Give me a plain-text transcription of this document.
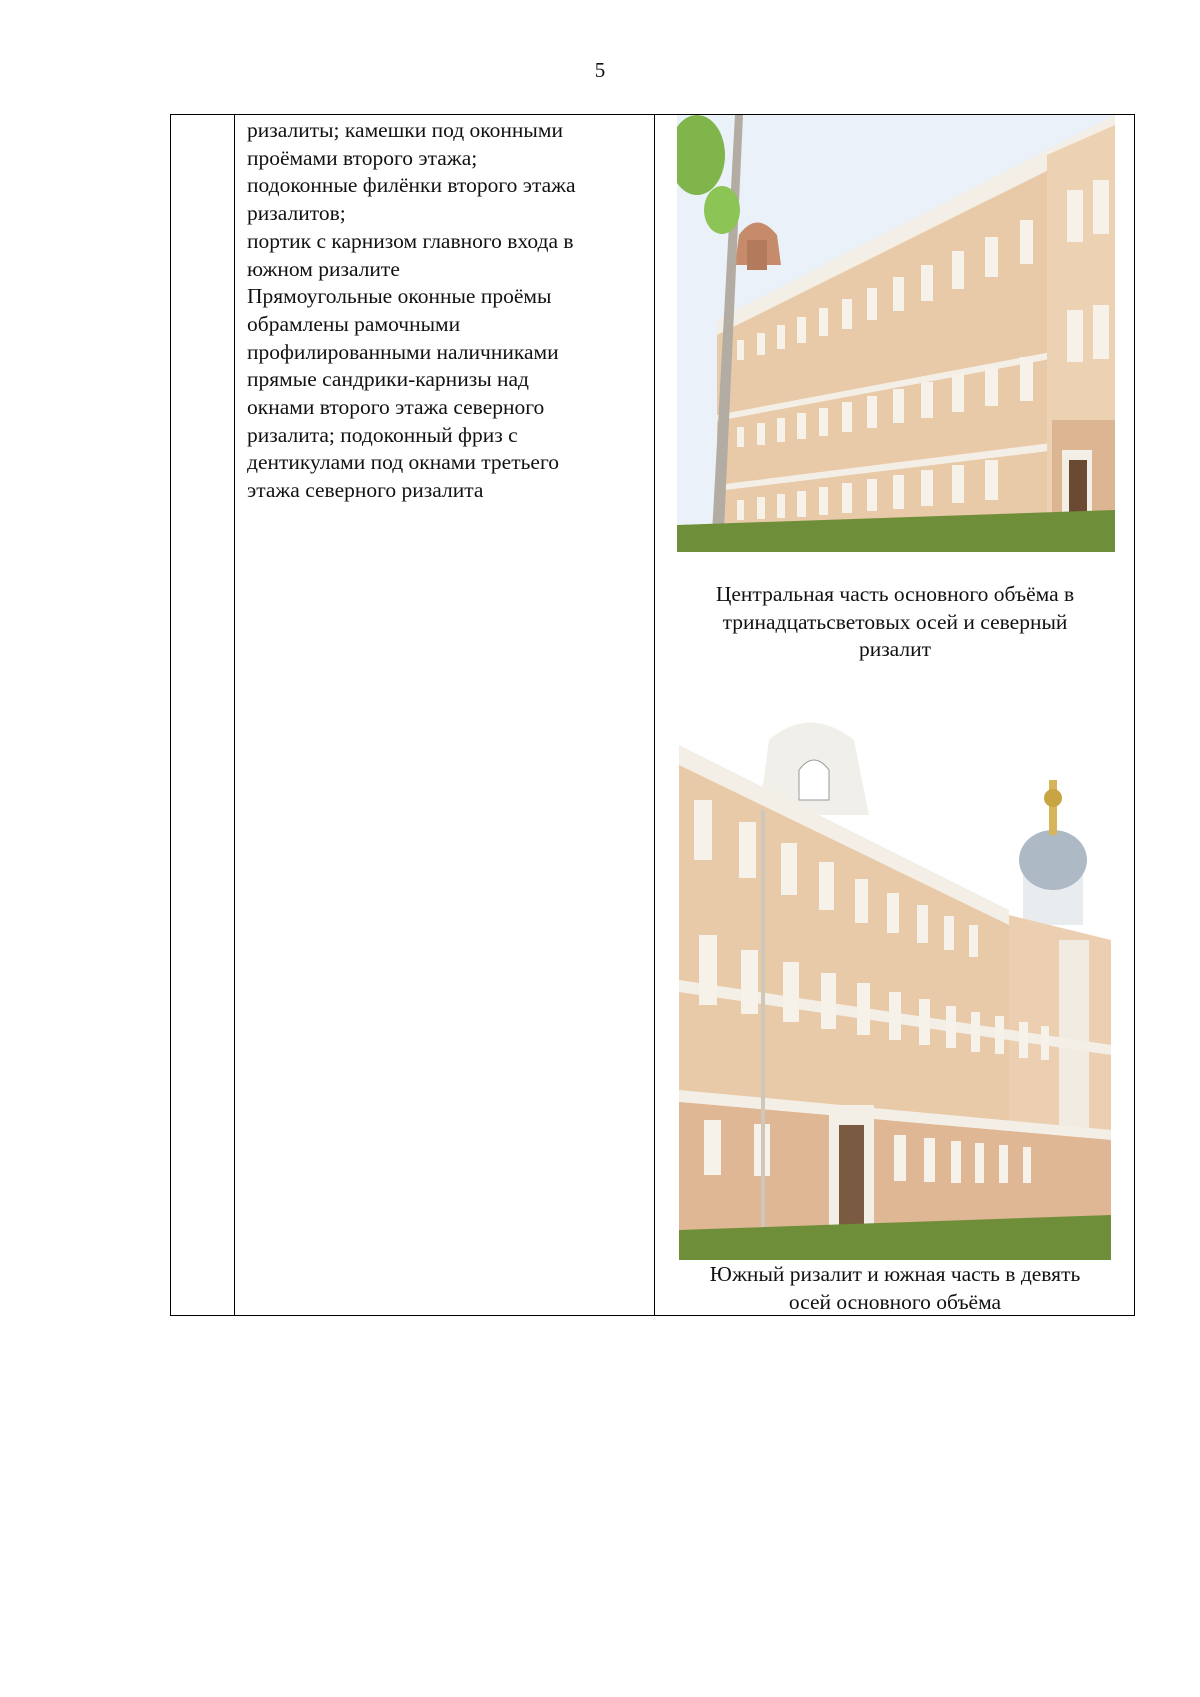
5

ризалиты; камешки под оконными
проёмами второго этажа;
подоконные филёнки второго этажа
ризалитов;
портик с карнизом главного входа в
южном ризалите
Прямоугольные оконные проёмы
обрамлены рамочными
профилированными наличниками
прямые сандрики-карнизы над
окнами второго этажа северного
ризалита; подоконный фриз с
дентикулами под окнами третьего
этажа северного ризалита

Центральная часть основного объёма в
тринадцатьсветовых осей и северный
ризалит
Южный ризалит и южная часть в девять
осей основного объёма
